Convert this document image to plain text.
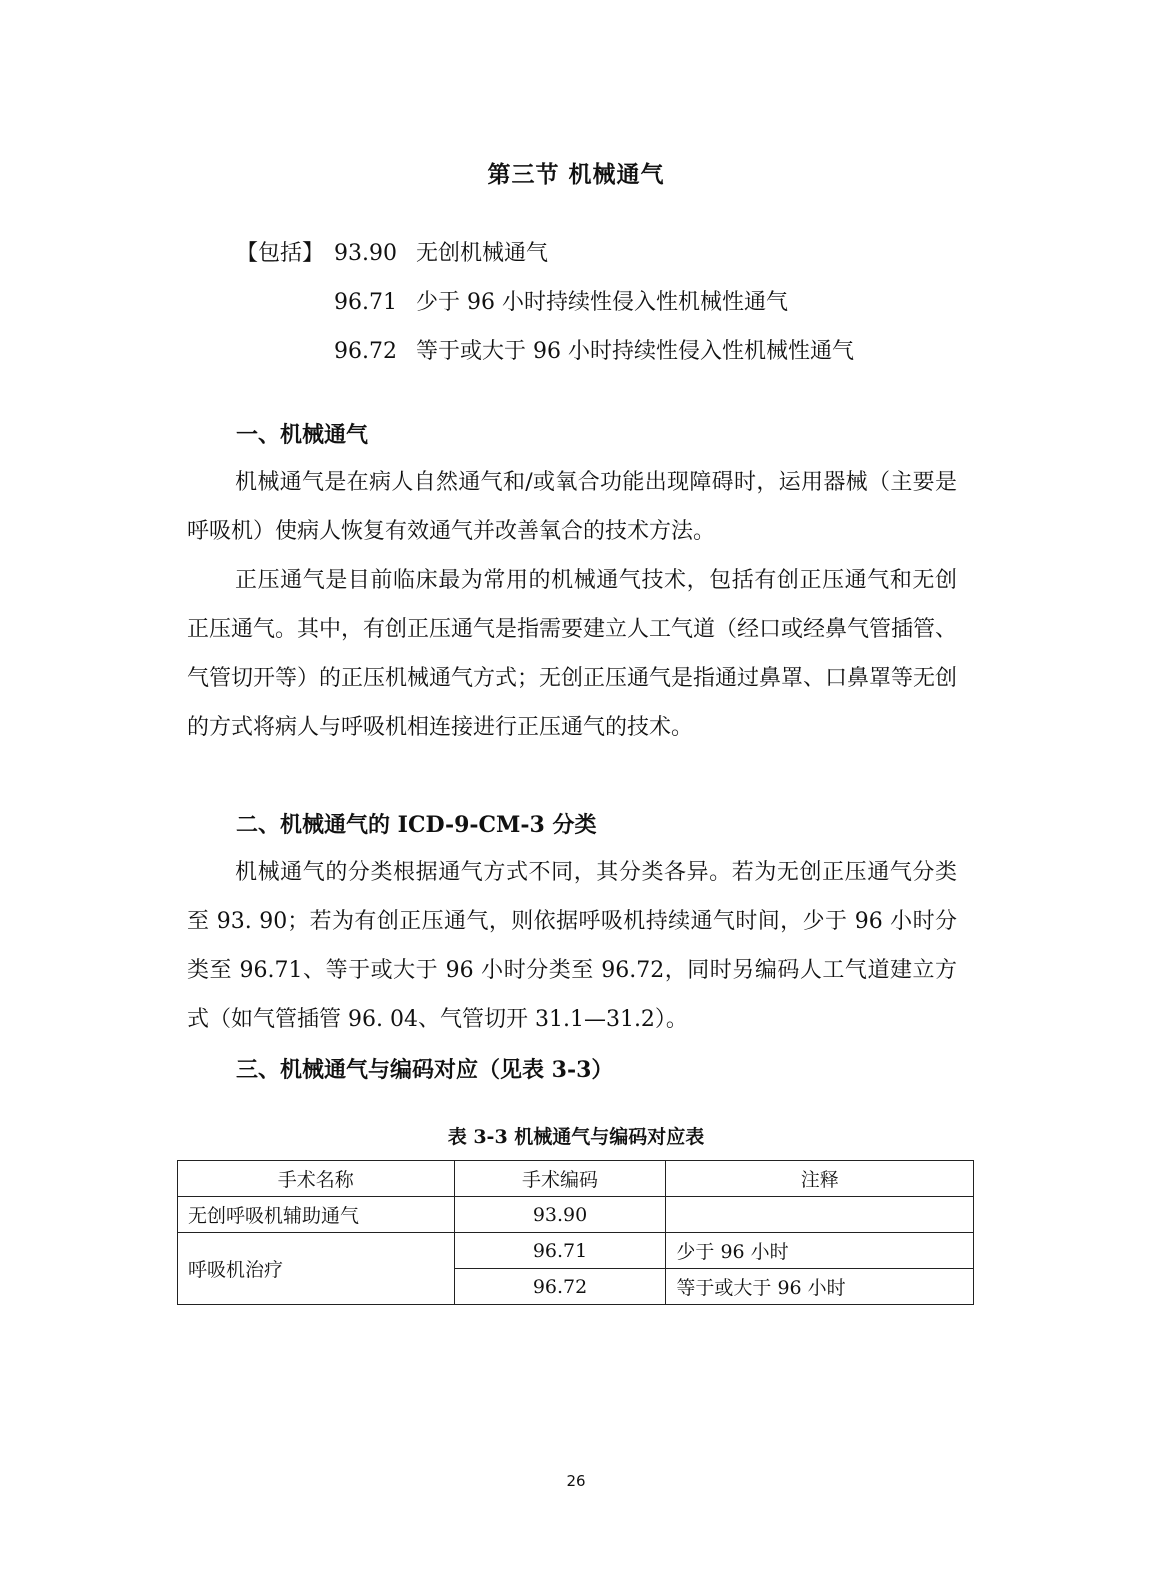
第三节 机械通气
【包括】 93.90 无创机械通气
96.71 少于 96 小时持续性侵入性机械性通气
96.72 等于或大于 96 小时持续性侵入性机械性通气
一、机械通气

机械通气是在病人自然通气和/或氧合功能出现障碍时，运用器械（主要是呼吸机）使病人恢复有效通气并改善氧合的技术方法。

正压通气是目前临床最为常用的机械通气技术，包括有创正压通气和无创正压通气。其中，有创正压通气是指需要建立人工气道（经口或经鼻气管插管、气管切开等）的正压机械通气方式；无创正压通气是指通过鼻罩、口鼻罩等无创的方式将病人与呼吸机相连接进行正压通气的技术。

二、机械通气的 ICD-9-CM-3 分类

机械通气的分类根据通气方式不同，其分类各异。若为无创正压通气分类至 93. 90；若为有创正压通气，则依据呼吸机持续通气时间，少于 96 小时分类至 96.71、等于或大于 96 小时分类至 96.72，同时另编码人工气道建立方式（如气管插管 96. 04、气管切开 31.1—31.2）。

三、机械通气与编码对应（见表 3-3）
表 3-3 机械通气与编码对应表
手术名称	手术编码	注释
无创呼吸机辅助通气	93.90	
呼吸机治疗	96.71	少于 96 小时
	96.72	等于或大于 96 小时
26
